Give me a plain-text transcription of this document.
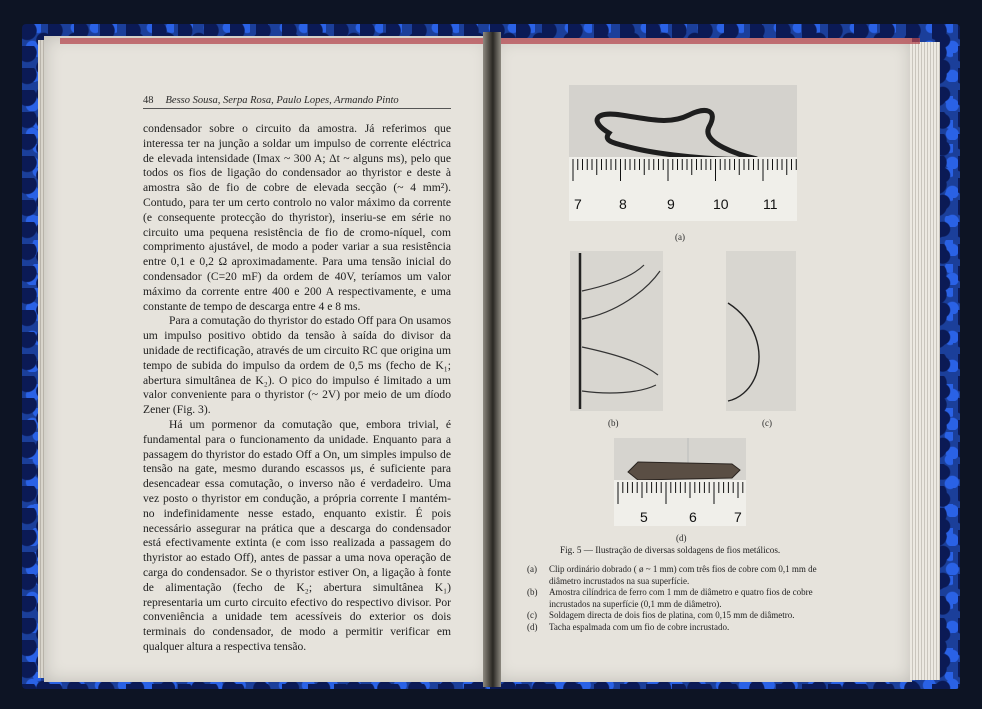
48 Besso Sousa, Serpa Rosa, Paulo Lopes, Armando Pinto

condensador sobre o circuito da amostra. Já referimos que interessa ter na junção a soldar um impulso de corrente eléctrica de elevada intensidade (Imax ~ 300 A; Δt ~ alguns ms), pelo que todos os fios de ligação do condensador ao thyristor e deste à amostra são de fio de cobre de elevada secção (~ 4 mm²). Contudo, para ter um certo controlo no valor máximo da corrente (e consequente protecção do thyristor), inseriu-se em série no circuito uma pequena resistência de fio de cromo-níquel, com comprimento ajustável, de modo a poder variar a sua resistência entre 0,1 e 0,2 Ω aproximadamente. Para uma tensão inicial do condensador (C=20 mF) da ordem de 40V, teríamos um valor máximo da corrente entre 400 e 200 A respectivamente, e uma constante de tempo de descarga entre 4 e 8 ms.

Para a comutação do thyristor do estado Off para On usamos um impulso positivo obtido da tensão à saída do divisor da unidade de rectificação, através de um circuito RC que origina um tempo de subida do impulso da ordem de 0,5 ms (fecho de K₁; abertura simultânea de K₂). O pico do impulso é limitado a um valor conveniente para o thyristor (~ 2V) por meio de um díodo Zener (Fig. 3).

Há um pormenor da comutação que, embora trivial, é fundamental para o funcionamento da unidade. Enquanto para a passagem do thyristor do estado Off a On, um simples impulso de tensão na gate, mesmo durando escassos μs, é suficiente para desencadear essa comutação, o inverso não é verdadeiro. Uma vez posto o thyristor em condução, a própria corrente I mantém-no indefinidamente nesse estado, enquanto existir. É pois necessário assegurar na prática que a descarga do condensador está efectivamente extinta (e com isso realizada a passagem do thyristor ao estado Off), antes de passar a uma nova operação de carga do condensador. Se o thyristor estiver On, a ligação à fonte de alimentação (fecho de K₂; abertura simultânea K₁) representaria um curto circuito efectivo do respectivo divisor. Por conveniência a unidade tem acessíveis do exterior os dois terminais do condensador, de modo a permitir verificar em qualquer altura a respectiva tensão.

7	8	9	10 11
(a)
(b)	(c)
5	6	7
(d)
Fig. 5 — Ilustração de diversas soldagens de fios metálicos.
(a)	Clip ordinário dobrado ( ø ~ 1 mm) com três fios de cobre com 0,1 mm de diâmetro incrustados na sua superfície.
(b)	Amostra cilíndrica de ferro com 1 mm de diâmetro e quatro fios de cobre incrustados na superfície (0,1 mm de diâmetro).
(c)	Soldagem directa de dois fios de platina, com 0,15 mm de diâmetro.
(d)	Tacha espalmada com um fio de cobre incrustado.
